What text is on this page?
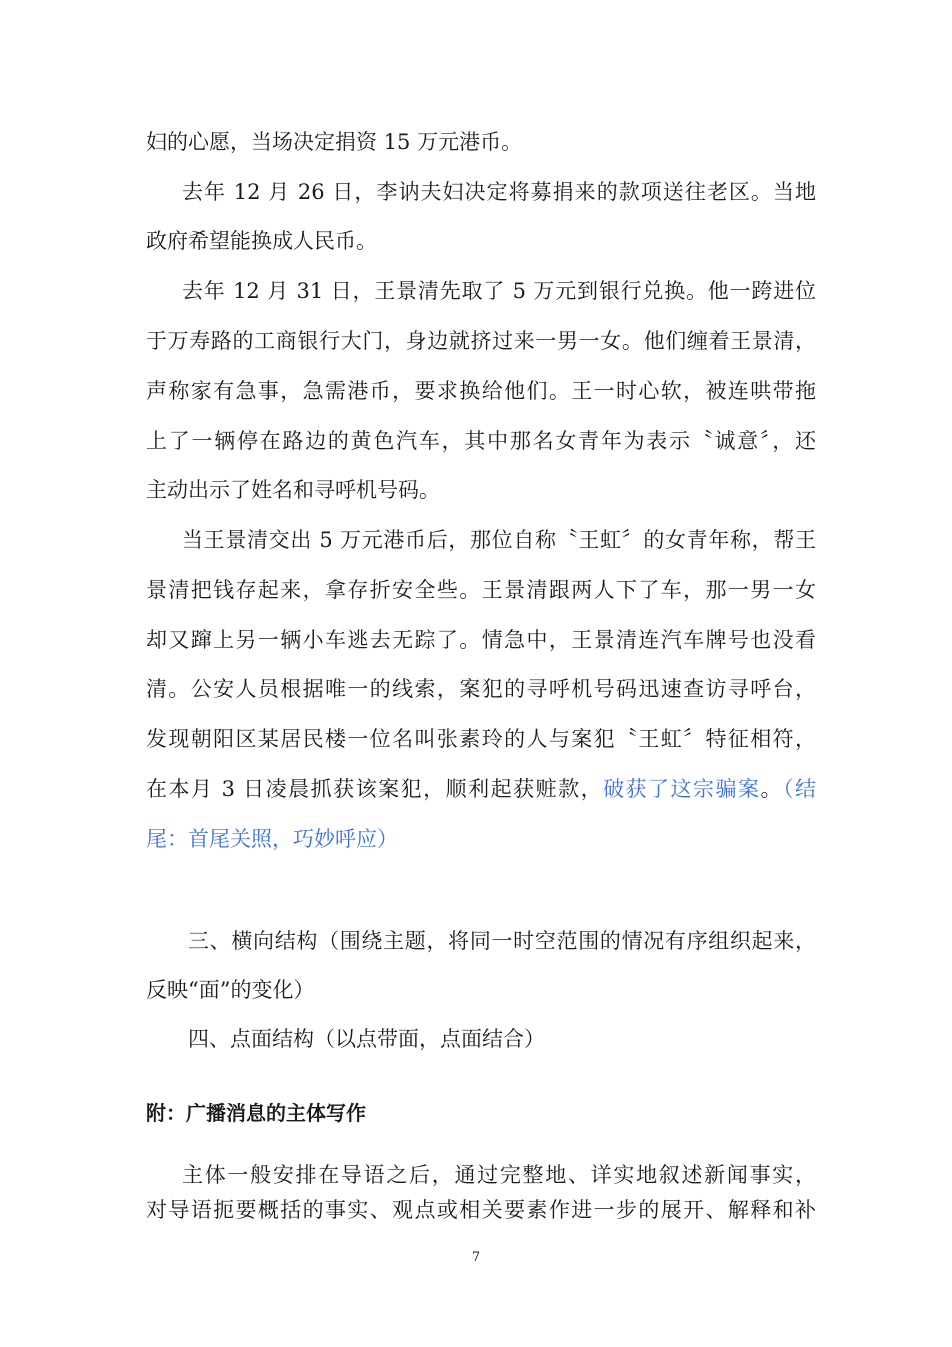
妇的心愿，当场决定捐资 15 万元港币。
去年 12 月 26 日，李讷夫妇决定将募捐来的款项送往老区。当地
政府希望能换成人民币。
去年 12 月 31 日，王景清先取了 5 万元到银行兑换。他一跨进位
于万寿路的工商银行大门，身边就挤过来一男一女。他们缠着王景清，
声称家有急事，急需港币，要求换给他们。王一时心软，被连哄带拖
上了一辆停在路边的黄色汽车，其中那名女青年为表示〝诚意〞，还
主动出示了姓名和寻呼机号码。
当王景清交出 5 万元港币后，那位自称〝王虹〞的女青年称，帮王
景清把钱存起来，拿存折安全些。王景清跟两人下了车，那一男一女
却又蹿上另一辆小车逃去无踪了。情急中，王景清连汽车牌号也没看
清。公安人员根据唯一的线索，案犯的寻呼机号码迅速查访寻呼台，
发现朝阳区某居民楼一位名叫张素玲的人与案犯〝王虹〞特征相符，
在本月 3 日凌晨抓获该案犯，顺利起获赃款，破获了这宗骗案。（结
尾：首尾关照，巧妙呼应）
三、横向结构（围绕主题，将同一时空范围的情况有序组织起来，
反映“面”的变化）
四、点面结构（以点带面，点面结合）
附：广播消息的主体写作
主体一般安排在导语之后，通过完整地、详实地叙述新闻事实，
对导语扼要概括的事实、观点或相关要素作进一步的展开、解释和补
7
